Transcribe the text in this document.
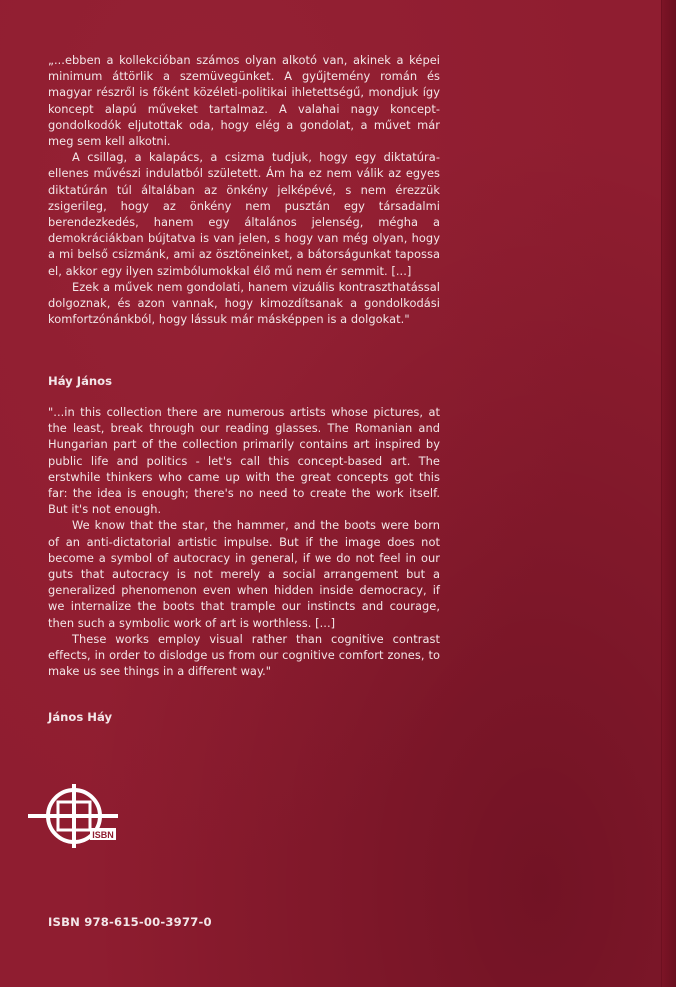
„...ebben a kollekcióban számos olyan alkotó van, akinek a képei minimum áttörlik a szemüvegünket. A gyűjtemény román és magyar részről is főként közéleti-politikai ihletettségű, mondjuk így koncept alapú műveket tartalmaz. A valahai nagy koncept-gondolkodók eljutottak oda, hogy elég a gondolat, a művet már meg sem kell alkotni.

A csillag, a kalapács, a csizma tudjuk, hogy egy diktatúra-ellenes művészi indulatból született. Ám ha ez nem válik az egyes diktatúrán túl általában az önkény jelképévé, s nem érezzük zsigerileg, hogy az önkény nem pusztán egy társadalmi berendezkedés, hanem egy általános jelenség, mégha a demokráciákban bújtatva is van jelen, s hogy van még olyan, hogy a mi belső csizmánk, ami az ösztöneinket, a bátorságunkat tapossa el, akkor egy ilyen szimbólumokkal élő mű nem ér semmit. [...]

Ezek a művek nem gondolati, hanem vizuális kontraszthatással dolgoznak, és azon vannak, hogy kimozdítsanak a gondolkodási komfortzónánkból, hogy lássuk már másképpen is a dolgokat."

Háy János

"...in this collection there are numerous artists whose pictures, at the least, break through our reading glasses. The Romanian and Hungarian part of the collection primarily contains art inspired by public life and politics - let's call this concept-based art. The erstwhile thinkers who came up with the great concepts got this far: the idea is enough; there's no need to create the work itself. But it's not enough.

We know that the star, the hammer, and the boots were born of an anti-dictatorial artistic impulse. But if the image does not become a symbol of autocracy in general, if we do not feel in our guts that autocracy is not merely a social arrangement but a generalized phenomenon even when hidden inside democracy, if we internalize the boots that trample our instincts and courage, then such a symbolic work of art is worthless. [...]

These works employ visual rather than cognitive contrast effects, in order to dislodge us from our cognitive comfort zones, to make us see things in a different way."

János Háy
ISBN
ISBN 978-615-00-3977-0
